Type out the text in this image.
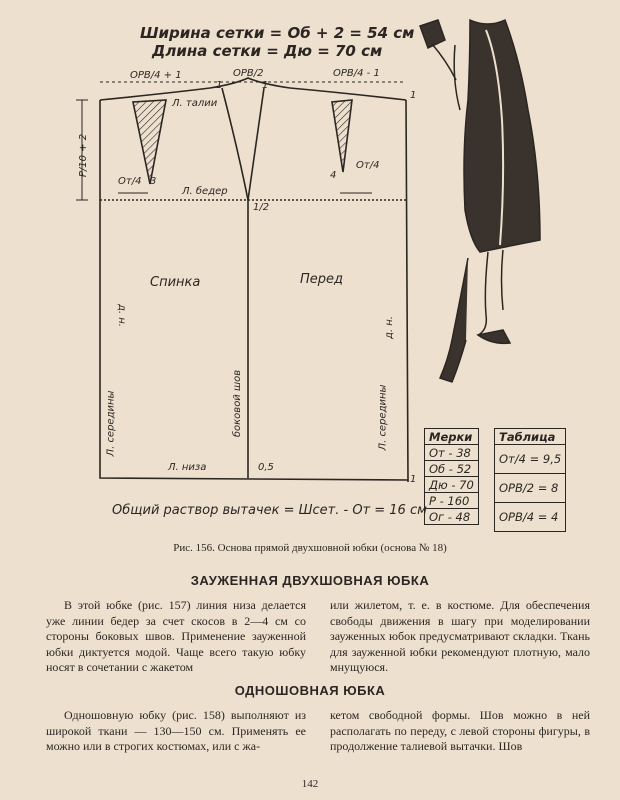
Ширина сетки = Об + 2 = 54 см
Длина сетки = Дю = 70 см
ОРВ/4 + 1	ОРВ/2	ОРВ/4 - 1
Л. талии
1	1
1
3
4
Р/10 + 2
От/4
От/4
Л. бедер
1/2
Спинка	Перед
д. н.
д. н.
Л. середины	Л. середины
боковой шов
Л. низа	0,5
1
Общий раствор вытачек = Шсет. - От = 16 см
Мерки
От - 38
Об - 52
Дю - 70
Р - 160
Ог - 48
Таблица
От/4 = 9,5
ОРВ/2 = 8
ОРВ/4 = 4
Рис. 156. Основа прямой двухшовной юбки (основа № 18)
ЗАУЖЕННАЯ ДВУХШОВНАЯ ЮБКА

В этой юбке (рис. 157) линия низа делается уже линии бедер за счет скосов в 2—4 см со стороны боковых швов. Применение зауженной юбки диктуется модой. Чаще всего такую юбку носят в сочетании с жакетом

или жилетом, т. е. в костюме. Для обеспечения свободы движения в шагу при моделировании зауженных юбок предусматривают складки. Ткань для зауженной юбки рекомендуют плотную, мало мнущуюся.

ОДНОШОВНАЯ ЮБКА

Одношовную юбку (рис. 158) выполняют из широкой ткани — 130—150 см. Применять ее можно или в строгих костюмах, или с жа-

кетом свободной формы. Шов можно в ней располагать по переду, с левой стороны фигуры, в продолжение талиевой вытачки. Шов

142
